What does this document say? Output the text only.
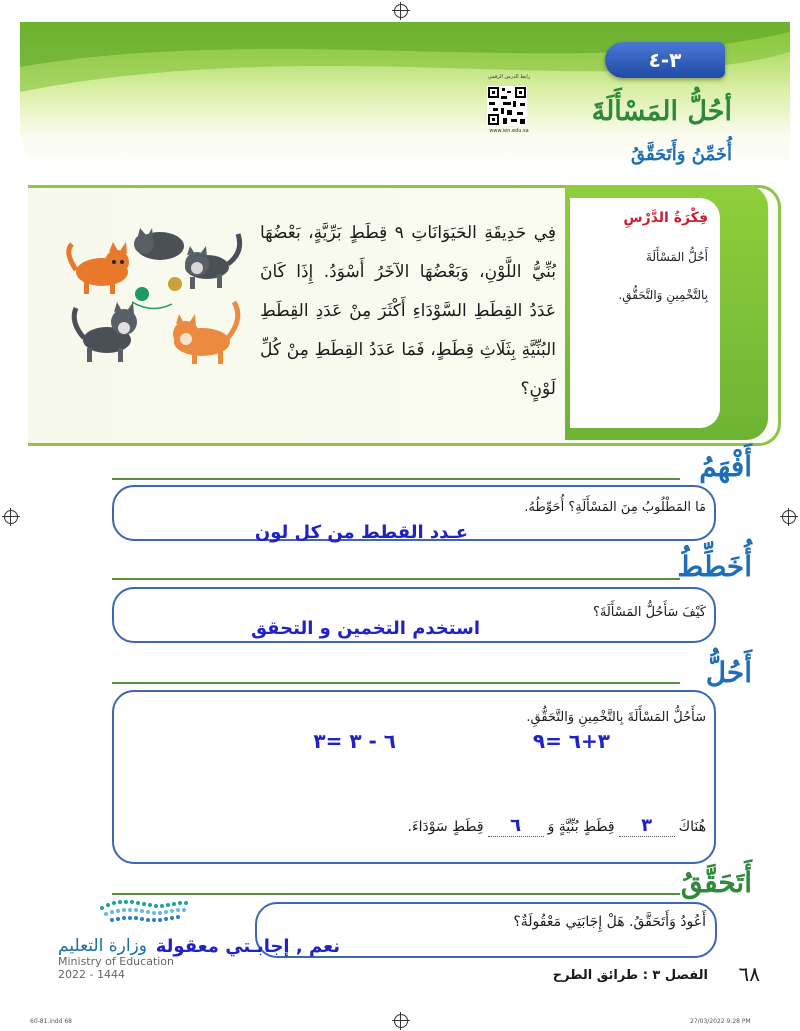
٣-٤
رابط الدرس الرقمي
www.ien.edu.sa
أحُلُّ المَسْأَلَةَ
أُخَمِّنُ وَأَتَحَقَّقُ
فِكْرَةُ الدَّرْسِ
أَحُلُّ المَسْأَلَةَ
بِالتَّخْمِينِ وَالتَّحَقُّقِ.
فِي حَدِيقَةِ الحَيَوَانَاتِ ٩ قِطَطٍ بَرِّيَّةٍ، بَعْضُهَا بُنِّيُّ اللَّوْنِ، وَبَعْضُهَا الآخَرُ أَسْوَدُ. إِذَا كَانَ عَدَدُ القِطَطِ السَّوْدَاءِ أَكْثَرَ مِنْ عَدَدِ القِطَطِ البُنِّيَّةِ بِثَلَاثِ قِطَطٍ، فَمَا عَدَدُ القِطَطِ مِنْ كُلِّ لَوْنٍ؟
أَفْهَمُ
مَا المَطْلُوبُ مِنَ المَسْأَلَةِ؟ أُحَوِّطُهُ.
عـدد القطط من كل لون
أُخَطِّطُ
كَيْفَ سَأَحُلُّ المَسْأَلَةَ؟
استخدم التخمين و التحقق
أَحُلُّ
سَأَحُلُّ المَسْأَلَةَ بِالتَّخْمِينِ وَالتَّحَقُّقِ.
٣+٦ =٩
٦ - ٣ =٣
هُنَاكَ
٣
قِطَطٍ بُنِّيَّةٍ وَ
٦
قِطَطٍ سَوْدَاءَ.
أَتَحَقَّقُ
أَعُودُ وَأَتَحَقَّقُ. هَلْ إِجَابَتِي مَعْقُولَةٌ؟
نعم , إجابـتي معقولة
وزارة التعليم
Ministry of Education
2022 - 1444	الفصل ٣ : طرائق الطرح ٦٨
60-81.indd 68	27/03/2022 9:28 PM
